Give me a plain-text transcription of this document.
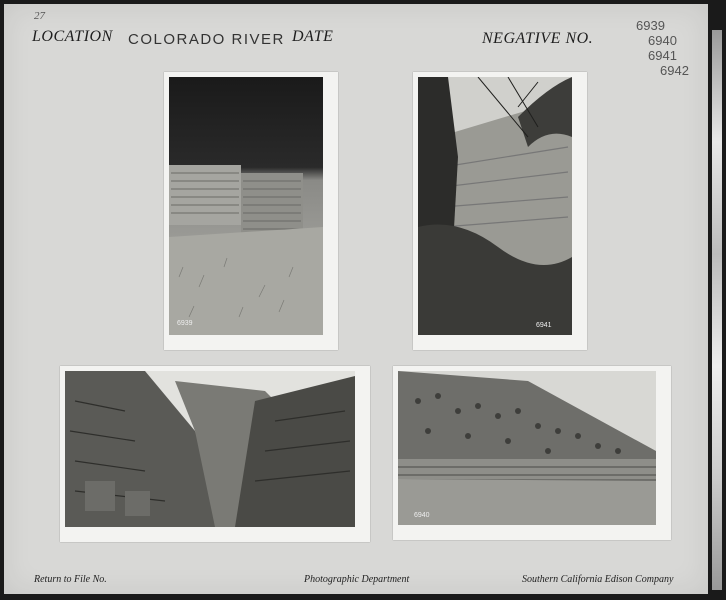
27
LOCATION COLORADO RIVER DATE	NEGATIVE NO.
6939
6940
6941
6942
6939	6941
6940
Return to File No.	Photographic Department	Southern California Edison Company
